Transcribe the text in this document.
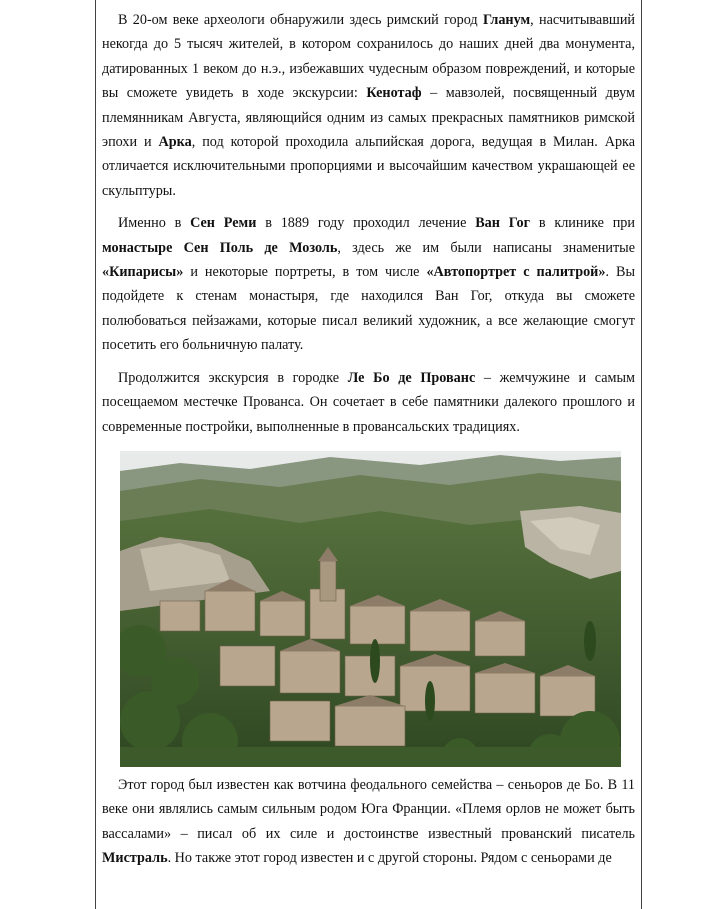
В 20-ом веке археологи обнаружили здесь римский город Гланум, насчитывавший некогда до 5 тысяч жителей, в котором сохранилось до наших дней два монумента, датированных 1 веком до н.э., избежавших чудесным образом повреждений, и которые вы сможете увидеть в ходе экскурсии: Кенотаф – мавзолей, посвященный двум племянникам Августа, являющийся одним из самых прекрасных памятников римской эпохи и Арка, под которой проходила альпийская дорога, ведущая в Милан. Арка отличается исключительными пропорциями и высочайшим качеством украшающей ее скульптуры.

Именно в Сен Реми в 1889 году проходил лечение Ван Гог в клинике при монастыре Сен Поль де Мозоль, здесь же им были написаны знаменитые «Кипарисы» и некоторые портреты, в том числе «Автопортрет с палитрой». Вы подойдете к стенам монастыря, где находился Ван Гог, откуда вы сможете полюбоваться пейзажами, которые писал великий художник, а все желающие смогут посетить его больничную палату.

Продолжится экскурсия в городке Ле Бо де Прованс – жемчужине и самым посещаемом местечке Прованса. Он сочетает в себе памятники далекого прошлого и современные постройки, выполненные в провансальских традициях.

Этот город был известен как вотчина феодального семейства – сеньоров де Бо. В 11 веке они являлись самым сильным родом Юга Франции. «Племя орлов не может быть вассалами» – писал об их силе и достоинстве известный прованский писатель Мистраль. Но также этот город известен и с другой стороны. Рядом с сеньорами де
